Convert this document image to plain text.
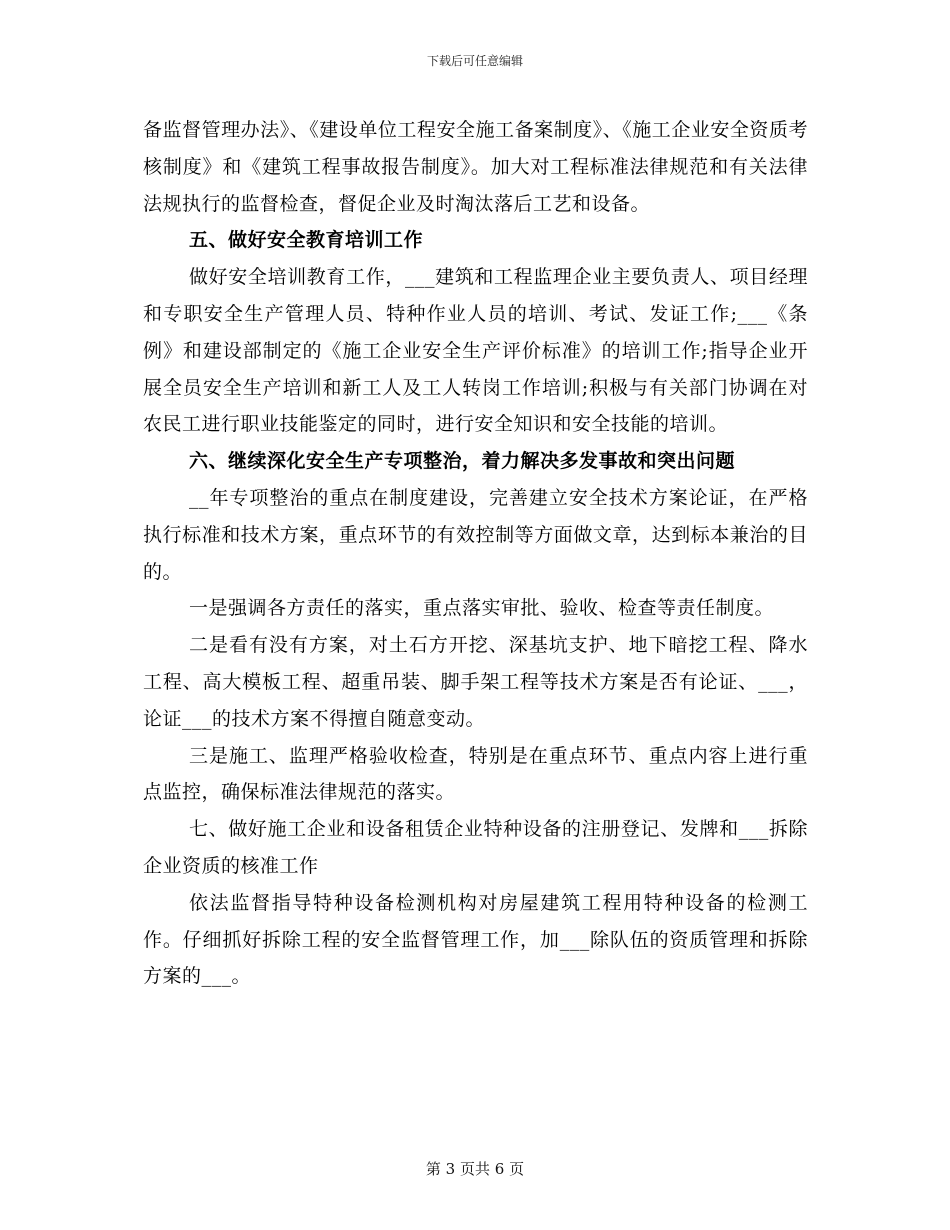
下载后可任意编辑

备监督管理办法》、《建设单位工程安全施工备案制度》、《施工企业安全资质考核制度》和《建筑工程事故报告制度》。加大对工程标准法律规范和有关法律法规执行的监督检查，督促企业及时淘汰落后工艺和设备。

五、做好安全教育培训工作

做好安全培训教育工作，___建筑和工程监理企业主要负责人、项目经理和专职安全生产管理人员、特种作业人员的培训、考试、发证工作;___《条例》和建设部制定的《施工企业安全生产评价标准》的培训工作;指导企业开展全员安全生产培训和新工人及工人转岗工作培训;积极与有关部门协调在对农民工进行职业技能鉴定的同时，进行安全知识和安全技能的培训。

六、继续深化安全生产专项整治，着力解决多发事故和突出问题

__年专项整治的重点在制度建设，完善建立安全技术方案论证，在严格执行标准和技术方案，重点环节的有效控制等方面做文章，达到标本兼治的目的。

一是强调各方责任的落实，重点落实审批、验收、检查等责任制度。

二是看有没有方案，对土石方开挖、深基坑支护、地下暗挖工程、降水工程、高大模板工程、超重吊装、脚手架工程等技术方案是否有论证、___，论证___的技术方案不得擅自随意变动。

三是施工、监理严格验收检查，特别是在重点环节、重点内容上进行重点监控，确保标准法律规范的落实。

七、做好施工企业和设备租赁企业特种设备的注册登记、发牌和___拆除企业资质的核准工作

依法监督指导特种设备检测机构对房屋建筑工程用特种设备的检测工作。仔细抓好拆除工程的安全监督管理工作，加___除队伍的资质管理和拆除方案的___。

第 3 页共 6 页
